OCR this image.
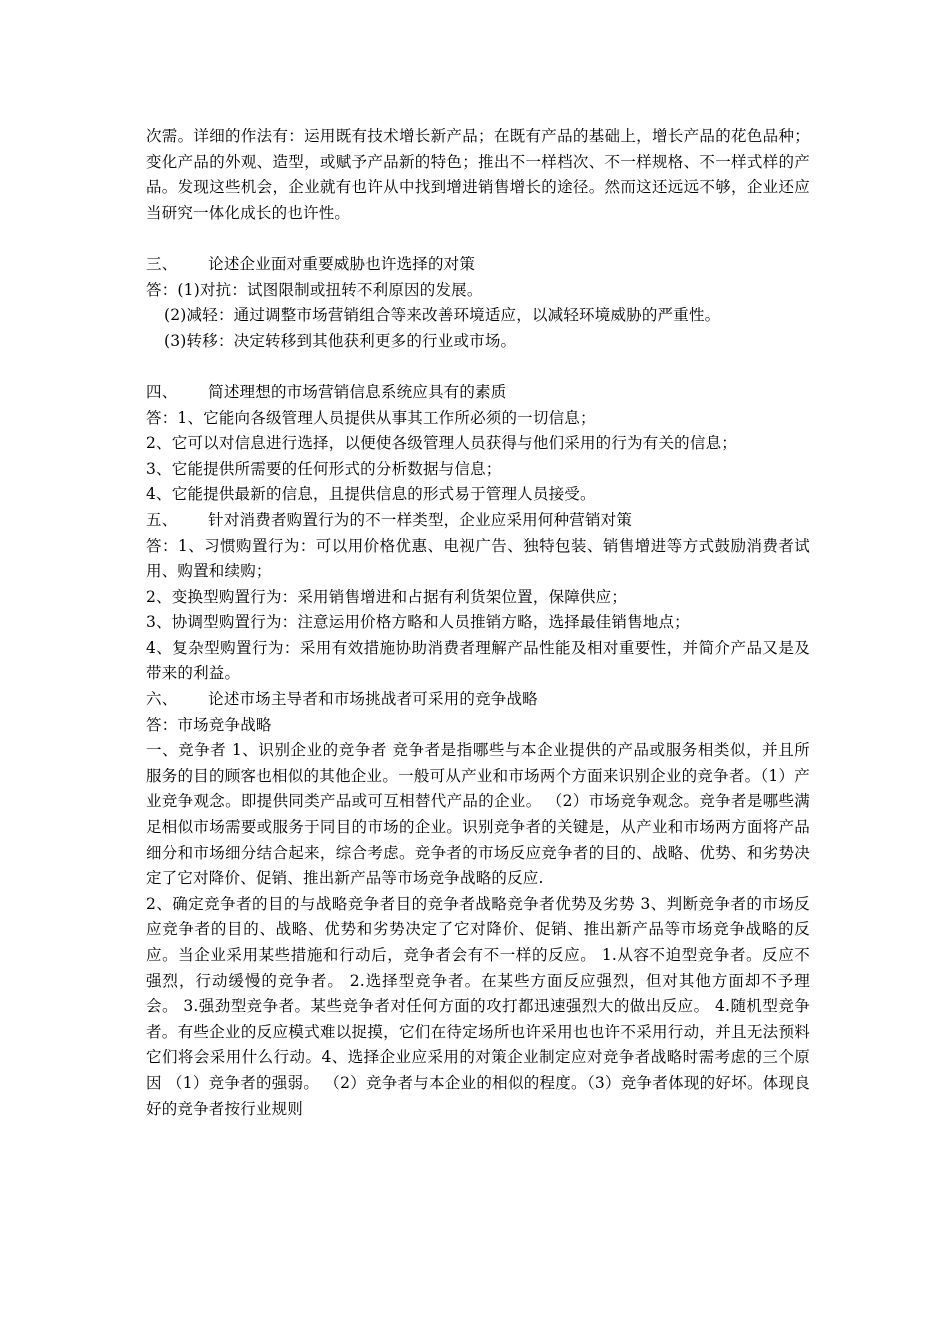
次需。详细的作法有：运用既有技术增长新产品；在既有产品的基础上，增长产品的花色品种；变化产品的外观、造型，或赋予产品新的特色；推出不一样档次、不一样规格、不一样式样的产品。发现这些机会，企业就有也许从中找到增进销售增长的途径。然而这还远远不够，企业还应当研究一体化成长的也许性。
三、      论述企业面对重要威胁也许选择的对策
答：(1)对抗：试图限制或扭转不利原因的发展。
(2)减轻：通过调整市场营销组合等来改善环境适应，以减轻环境威胁的严重性。
(3)转移：决定转移到其他获利更多的行业或市场。
四、      简述理想的市场营销信息系统应具有的素质
答：1、它能向各级管理人员提供从事其工作所必须的一切信息；
2、它可以对信息进行选择，以便使各级管理人员获得与他们采用的行为有关的信息；
3、它能提供所需要的任何形式的分析数据与信息；
4、它能提供最新的信息，且提供信息的形式易于管理人员接受。
五、      针对消费者购置行为的不一样类型，企业应采用何种营销对策
答：1、习惯购置行为：可以用价格优惠、电视广告、独特包装、销售增进等方式鼓励消费者试用、购置和续购；
2、变换型购置行为：采用销售增进和占据有利货架位置，保障供应；
3、协调型购置行为：注意运用价格方略和人员推销方略，选择最佳销售地点；
4、复杂型购置行为：采用有效措施协助消费者理解产品性能及相对重要性，并简介产品又是及带来的利益。
六、      论述市场主导者和市场挑战者可采用的竞争战略
答：市场竞争战略
一、竞争者 1、识别企业的竞争者 竞争者是指哪些与本企业提供的产品或服务相类似，并且所服务的目的顾客也相似的其他企业。一般可从产业和市场两个方面来识别企业的竞争者。（1）产业竞争观念。即提供同类产品或可互相替代产品的企业。 （2）市场竞争观念。竞争者是哪些满足相似市场需要或服务于同目的市场的企业。识别竞争者的关键是，从产业和市场两方面将产品细分和市场细分结合起来，综合考虑。竞争者的市场反应竞争者的目的、战略、优势、和劣势决定了它对降价、促销、推出新产品等市场竞争战略的反应.
2、确定竞争者的目的与战略竞争者目的竞争者战略竞争者优势及劣势 3、判断竞争者的市场反应竞争者的目的、战略、优势和劣势决定了它对降价、促销、推出新产品等市场竞争战略的反应。当企业采用某些措施和行动后，竞争者会有不一样的反应。 1.从容不迫型竞争者。反应不强烈，行动缓慢的竞争者。 2.选择型竞争者。在某些方面反应强烈，但对其他方面却不予理会。 3.强劲型竞争者。某些竞争者对任何方面的攻打都迅速强烈大的做出反应。 4.随机型竞争者。有些企业的反应模式难以捉摸，它们在待定场所也许采用也也许不采用行动，并且无法预料它们将会采用什么行动。4、选择企业应采用的对策企业制定应对竞争者战略时需考虑的三个原因 （1）竞争者的强弱。 （2）竞争者与本企业的相似的程度。（3）竞争者体现的好坏。体现良好的竞争者按行业规则
